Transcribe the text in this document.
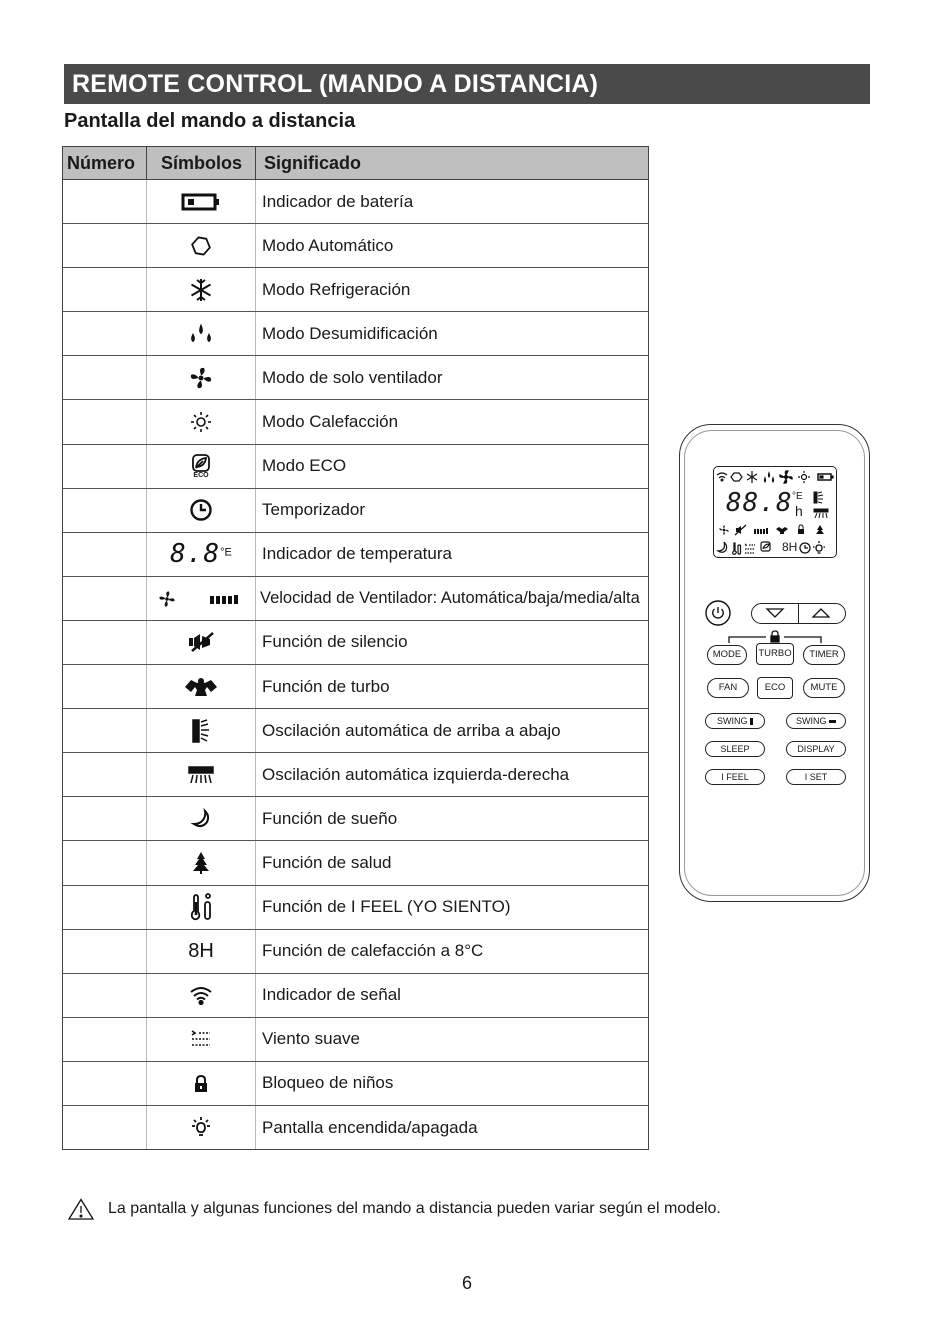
REMOTE CONTROL (MANDO A DISTANCIA)
Pantalla del mando a distancia
Número	Símbolos	Significado
		Indicador de batería
		Modo Automático
		Modo Refrigeración
		Modo Desumidificación
		Modo de solo ventilador
		Modo Calefacción

	ECO	Modo ECO
		Temporizador
	$8.8^{^\circ E}$	Indicador de temperatura
		Velocidad de Ventilador: Automática/baja/media/alta
		Función de silencio
		Función de turbo
		Oscilación automática de arriba a abajo
		Oscilación automática izquierda-derecha
		Función de sueño
		Función de salud
		Función de I FEEL (YO SIENTO)
	8H	Función de calefacción a 8°C
		Indicador de señal
		Viento suave
		Bloqueo de niños
		Pantalla encendida/apagada
88.8 °E
h
8H
MODE	TURBO	TIMER
FAN	ECO	MUTE
SWING	SWING
SLEEP	DISPLAY
I FEEL	I SET
La pantalla y algunas funciones del mando a distancia pueden variar según el modelo.
6
